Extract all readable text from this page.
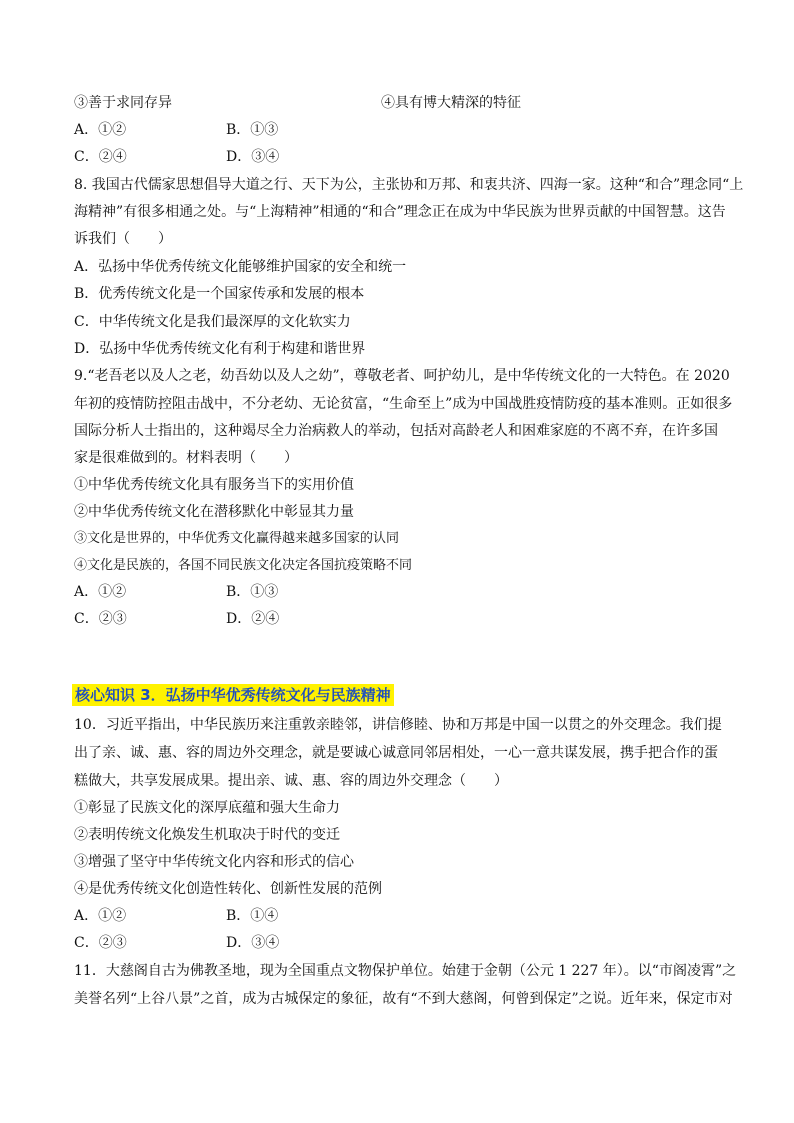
③善于求同存异	④具有博大精深的特征
A．①②	B．①③
C．②④	D．③④
8. 我国古代儒家思想倡导大道之行、天下为公，主张协和万邦、和衷共济、四海一家。这种“和合”理念同“上
海精神”有很多相通之处。与“上海精神”相通的“和合”理念正在成为中华民族为世界贡献的中国智慧。这告
诉我们（　　）
A．弘扬中华优秀传统文化能够维护国家的安全和统一
B．优秀传统文化是一个国家传承和发展的根本
C．中华传统文化是我们最深厚的文化软实力
D．弘扬中华优秀传统文化有利于构建和谐世界
9.“老吾老以及人之老，幼吾幼以及人之幼”，尊敬老者、呵护幼儿，是中华传统文化的一大特色。在 2020
年初的疫情防控阻击战中，不分老幼、无论贫富，“生命至上”成为中国战胜疫情防疫的基本准则。正如很多
国际分析人士指出的，这种竭尽全力治病救人的举动，包括对高龄老人和困难家庭的不离不弃，在许多国
家是很难做到的。材料表明（　　）
①中华优秀传统文化具有服务当下的实用价值
②中华优秀传统文化在潜移默化中彰显其力量
③文化是世界的，中华优秀文化赢得越来越多国家的认同
④文化是民族的，各国不同民族文化决定各国抗疫策略不同
A．①②	B．①③
C．②③	D．②④
核心知识 3．弘扬中华优秀传统文化与民族精神
10．习近平指出，中华民族历来注重敦亲睦邻，讲信修睦、协和万邦是中国一以贯之的外交理念。我们提
出了亲、诚、惠、容的周边外交理念，就是要诚心诚意同邻居相处，一心一意共谋发展，携手把合作的蛋
糕做大，共享发展成果。提出亲、诚、惠、容的周边外交理念（　　）
①彰显了民族文化的深厚底蕴和强大生命力
②表明传统文化焕发生机取决于时代的变迁
③增强了坚守中华传统文化内容和形式的信心
④是优秀传统文化创造性转化、创新性发展的范例
A．①②	B．①④
C．②③	D．③④
11．大慈阁自古为佛教圣地，现为全国重点文物保护单位。始建于金朝（公元 1 227 年）。以“市阁凌霄”之
美誉名列“上谷八景”之首，成为古城保定的象征，故有“不到大慈阁，何曾到保定”之说。近年来，保定市对
